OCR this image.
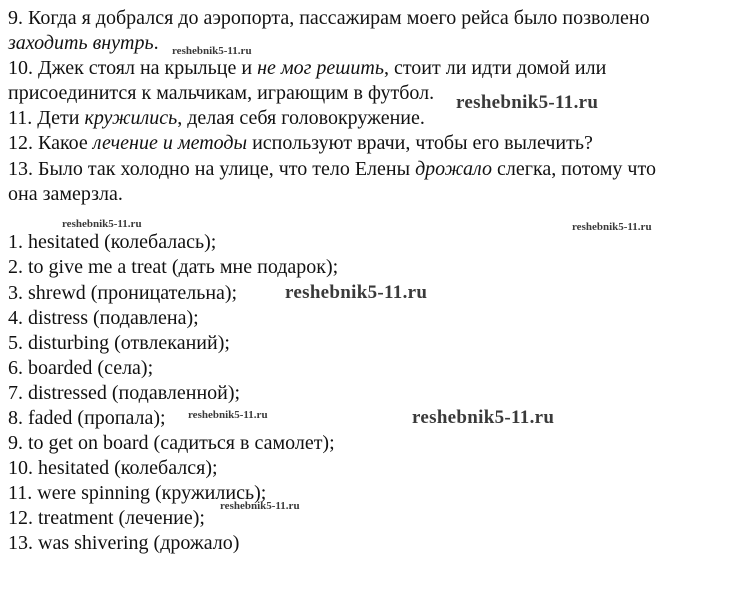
9. Когда я добрался до аэропорта, пассажирам моего рейса было позволено

заходить внутрь.

10. Джек стоял на крыльце и не мог решить, стоит ли идти домой или

присоединится к мальчикам, играющим в футбол.

11. Дети кружились, делая себя головокружение.

12. Какое лечение и методы используют врачи, чтобы его вылечить?

13. Было так холодно на улице, что тело Елены дрожало слегка, потому что

она замерзла.

1. hesitated (колебалась);

2. to give me a treat (дать мне подарок);

3. shrewd (проницательна);

4. distress (подавлена);

5. disturbing (отвлеканий);

6. boarded (села);

7. distressed (подавленной);

8. faded (пропала);

9. to get on board (садиться в самолет);

10. hesitated (колебался);

11. were spinning (кружились);

12. treatment (лечение);

13. was shivering (дрожало)

reshebnik5-11.ru
reshebnik5-11.ru
reshebnik5-11.ru	reshebnik5-11.ru
reshebnik5-11.ru
reshebnik5-11.ru	reshebnik5-11.ru
reshebnik5-11.ru
